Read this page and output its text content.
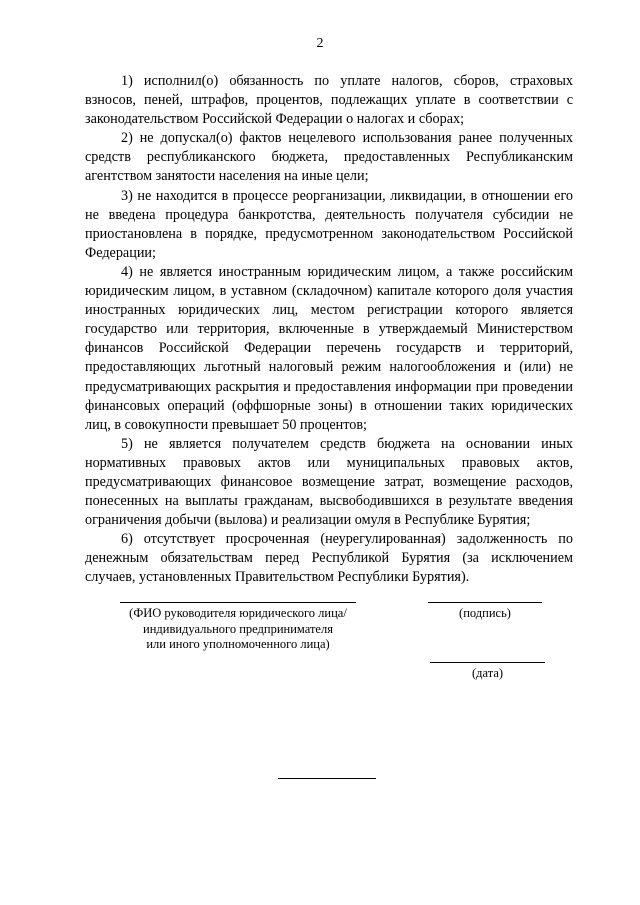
2

1) исполнил(о) обязанность по уплате налогов, сборов, страховых взносов, пеней, штрафов, процентов, подлежащих уплате в соответствии с законодательством Российской Федерации о налогах и сборах;

2) не допускал(о) фактов нецелевого использования ранее полученных средств республиканского бюджета, предоставленных Республиканским агентством занятости населения на иные цели;

3) не находится в процессе реорганизации, ликвидации, в отношении его не введена процедура банкротства, деятельность получателя субсидии не приостановлена в порядке, предусмотренном законодательством Российской Федерации;

4) не является иностранным юридическим лицом, а также российским юридическим лицом, в уставном (складочном) капитале которого доля участия иностранных юридических лиц, местом регистрации которого является государство или территория, включенные в утверждаемый Министерством финансов Российской Федерации перечень государств и территорий, предоставляющих льготный налоговый режим налогообложения и (или) не предусматривающих раскрытия и предоставления информации при проведении финансовых операций (оффшорные зоны) в отношении таких юридических лиц, в совокупности превышает 50 процентов;

5) не является получателем средств бюджета на основании иных нормативных правовых актов или муниципальных правовых актов, предусматривающих финансовое возмещение затрат, возмещение расходов, понесенных на выплаты гражданам, высвободившихся в результате введения ограничения добычи (вылова) и реализации омуля в Республике Бурятия;

6) отсутствует просроченная (неурегулированная) задолженность по денежным обязательствам перед Республикой Бурятия (за исключением случаев, установленных Правительством Республики Бурятия).

(ФИО руководителя юридического лица/
индивидуального предпринимателя
или иного уполномоченного лица)
(подпись)
(дата)
